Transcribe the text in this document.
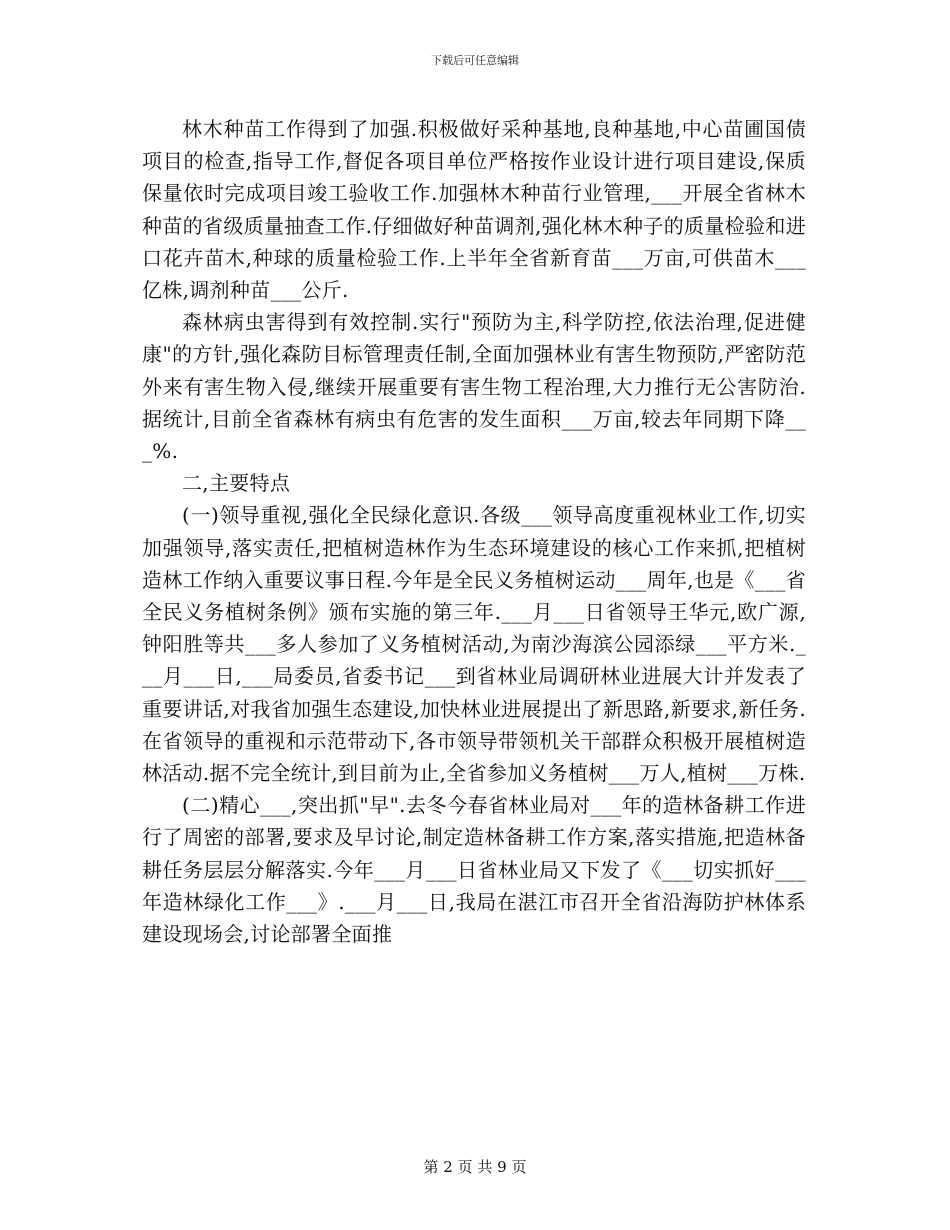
下载后可任意编辑

林木种苗工作得到了加强.积极做好采种基地,良种基地,中心苗圃国债项目的检查,指导工作,督促各项目单位严格按作业设计进行项目建设,保质保量依时完成项目竣工验收工作.加强林木种苗行业管理,___开展全省林木种苗的省级质量抽查工作.仔细做好种苗调剂,强化林木种子的质量检验和进口花卉苗木,种球的质量检验工作.上半年全省新育苗___万亩,可供苗木___亿株,调剂种苗___公斤.

森林病虫害得到有效控制.实行"预防为主,科学防控,依法治理,促进健康"的方针,强化森防目标管理责任制,全面加强林业有害生物预防,严密防范外来有害生物入侵,继续开展重要有害生物工程治理,大力推行无公害防治.据统计,目前全省森林有病虫有危害的发生面积___万亩,较去年同期下降___%.

二,主要特点

(一)领导重视,强化全民绿化意识.各级___领导高度重视林业工作,切实加强领导,落实责任,把植树造林作为生态环境建设的核心工作来抓,把植树造林工作纳入重要议事日程.今年是全民义务植树运动___周年,也是《___省全民义务植树条例》颁布实施的第三年.___月___日省领导王华元,欧广源,钟阳胜等共___多人参加了义务植树活动,为南沙海滨公园添绿___平方米.___月___日,___局委员,省委书记___到省林业局调研林业进展大计并发表了重要讲话,对我省加强生态建设,加快林业进展提出了新思路,新要求,新任务.在省领导的重视和示范带动下,各市领导带领机关干部群众积极开展植树造林活动.据不完全统计,到目前为止,全省参加义务植树___万人,植树___万株.

(二)精心___,突出抓"早".去冬今春省林业局对___年的造林备耕工作进行了周密的部署,要求及早讨论,制定造林备耕工作方案,落实措施,把造林备耕任务层层分解落实.今年___月___日省林业局又下发了《___切实抓好___年造林绿化工作___》.___月___日,我局在湛江市召开全省沿海防护林体系建设现场会,讨论部署全面推

第 2 页 共 9 页
